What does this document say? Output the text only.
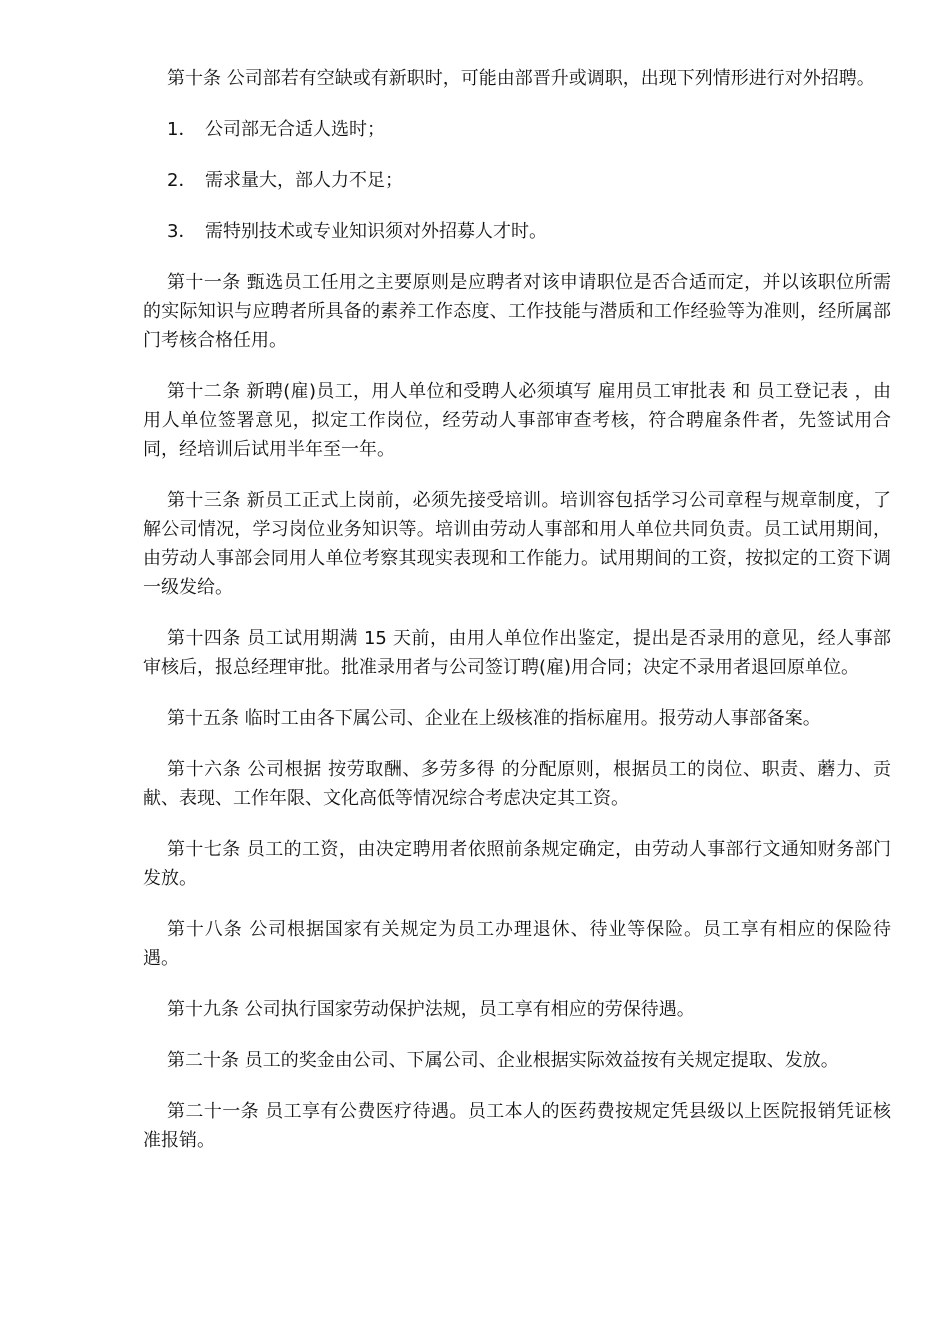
第十条 公司部若有空缺或有新职时，可能由部晋升或调职，出现下列情形进行对外招聘。

1． 公司部无合适人选时；
2． 需求量大，部人力不足；
3． 需特别技术或专业知识须对外招募人才时。

第十一条 甄选员工任用之主要原则是应聘者对该申请职位是否合适而定，并以该职位所需的实际知识与应聘者所具备的素养工作态度、工作技能与潜质和工作经验等为准则，经所属部门考核合格任用。

第十二条 新聘(雇)员工，用人单位和受聘人必须填写 雇用员工审批表 和 员工登记表 ，由用人单位签署意见，拟定工作岗位，经劳动人事部审查考核，符合聘雇条件者，先签试用合同，经培训后试用半年至一年。

第十三条 新员工正式上岗前，必须先接受培训。培训容包括学习公司章程与规章制度，了解公司情况，学习岗位业务知识等。培训由劳动人事部和用人单位共同负责。员工试用期间，由劳动人事部会同用人单位考察其现实表现和工作能力。试用期间的工资，按拟定的工资下调一级发给。

第十四条 员工试用期满 15 天前，由用人单位作出鉴定，提出是否录用的意见，经人事部审核后，报总经理审批。批准录用者与公司签订聘(雇)用合同；决定不录用者退回原单位。

第十五条 临时工由各下属公司、企业在上级核准的指标雇用。报劳动人事部备案。

第十六条 公司根据 按劳取酬、多劳多得 的分配原则，根据员工的岗位、职责、蘑力、贡献、表现、工作年限、文化高低等情况综合考虑决定其工资。

第十七条 员工的工资，由决定聘用者依照前条规定确定，由劳动人事部行文通知财务部门发放。

第十八条 公司根据国家有关规定为员工办理退休、待业等保险。员工享有相应的保险待遇。

第十九条 公司执行国家劳动保护法规，员工享有相应的劳保待遇。

第二十条 员工的奖金由公司、下属公司、企业根据实际效益按有关规定提取、发放。

第二十一条 员工享有公费医疗待遇。员工本人的医药费按规定凭县级以上医院报销凭证核准报销。
